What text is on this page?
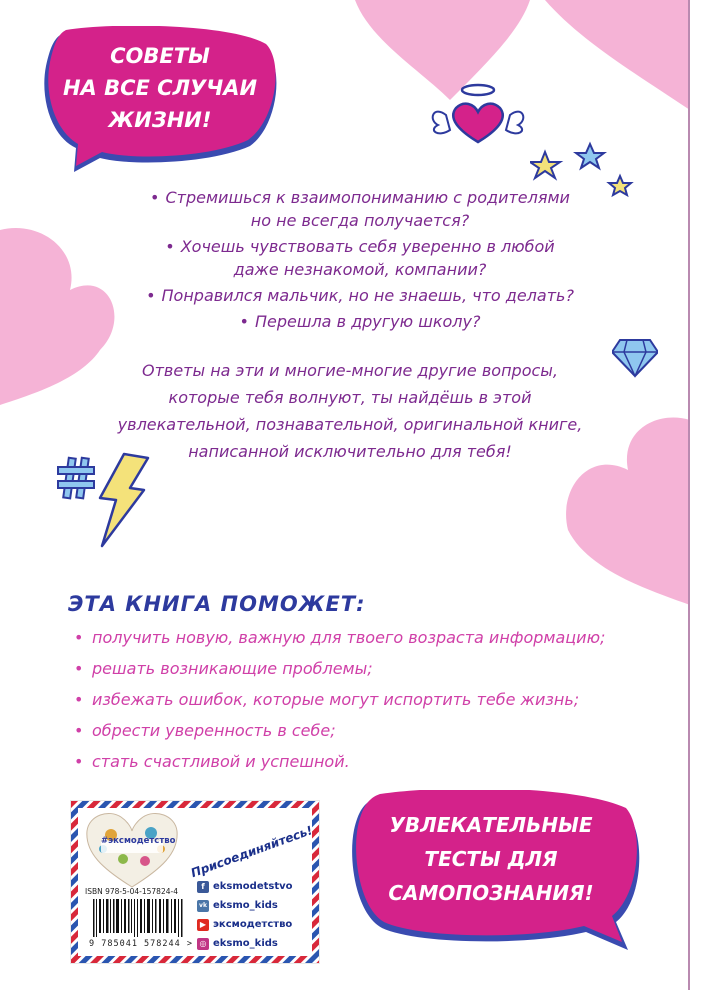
СОВЕТЫ
НА ВСЕ СЛУЧАИ
ЖИЗНИ!
• Стремишься к взаимопониманию с родителями
но не всегда получается?
• Хочешь чувствовать себя уверенно в любой
даже незнакомой, компании?
• Понравился мальчик, но не знаешь, что делать?
• Перешла в другую школу?
Ответы на эти и многие-многие другие вопросы,
которые тебя волнуют, ты найдёшь в этой
увлекательной, познавательной, оригинальной книге,
написанной исключительно для тебя!
ЭТА КНИГА ПОМОЖЕТ:
• получить новую, важную для твоего возраста информацию;
• решать возникающие проблемы;
• избежать ошибок, которые могут испортить тебе жизнь;
• обрести уверенность в себе;
• стать счастливой и успешной.
#эксмодетство
ISBN 978-5-04-157824-4
9 785041 578244 >
Присоединяйтесь!
f eksmodetstvo
vk eksmo_kids
▶ эксмодетство
◎ eksmo_kids
УВЛЕКАТЕЛЬНЫЕ
ТЕСТЫ ДЛЯ
САМОПОЗНАНИЯ!
